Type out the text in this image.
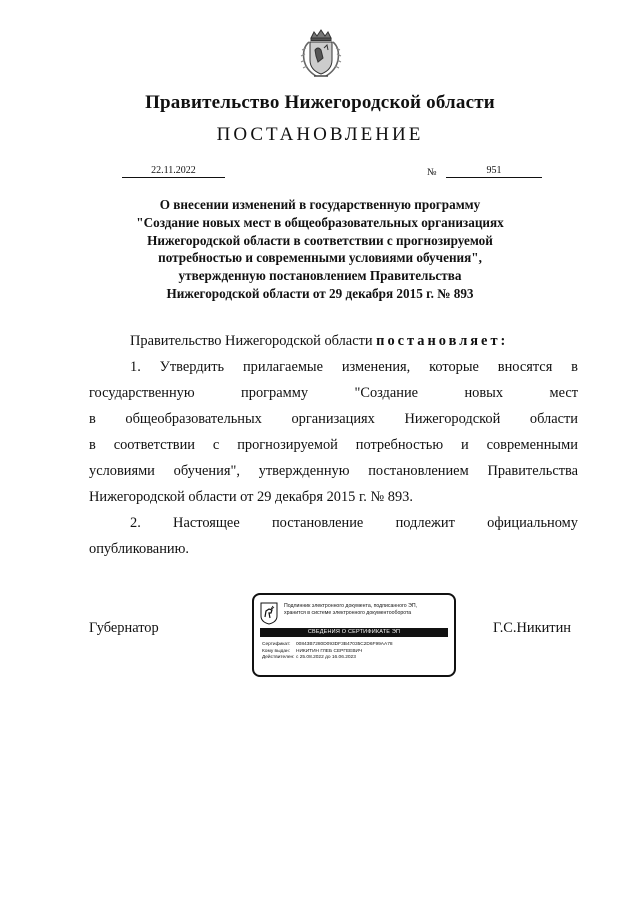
Правительство Нижегородской области
ПОСТАНОВЛЕНИЕ
22.11.2022	№	951
О внесении изменений в государственную программу
"Создание новых мест в общеобразовательных организациях
Нижегородской области в соответствии с прогнозируемой
потребностью и современными условиями обучения",
утвержденную постановлением Правительства
Нижегородской области от 29 декабря 2015 г. № 893
Правительство Нижегородской области постановляет:
1. Утвердить прилагаемые изменения, которые вносятся в
государственную	программу	"Создание	новых	мест
в общеобразовательных организациях Нижегородской области
в соответствии с прогнозируемой потребностью и современными
условиями обучения", утвержденную постановлением Правительства
Нижегородской области от 29 декабря 2015 г. № 893.
2. Настоящее постановление подлежит официальному
опубликованию.
Губернатор	Г.С.Никитин
Подлинник электронного документа, подписанного ЭП,
хранится в системе электронного документооборота
СВЕДЕНИЯ О СЕРТИФИКАТЕ ЭП
Сертификат: 00843B7280D093DF3B47035C2D6F99AA78
Кому выдан: НИКИТИН ГЛЕБ СЕРГЕЕВИЧ
Действителен:с 25.08.2022 до 16.06.2023
